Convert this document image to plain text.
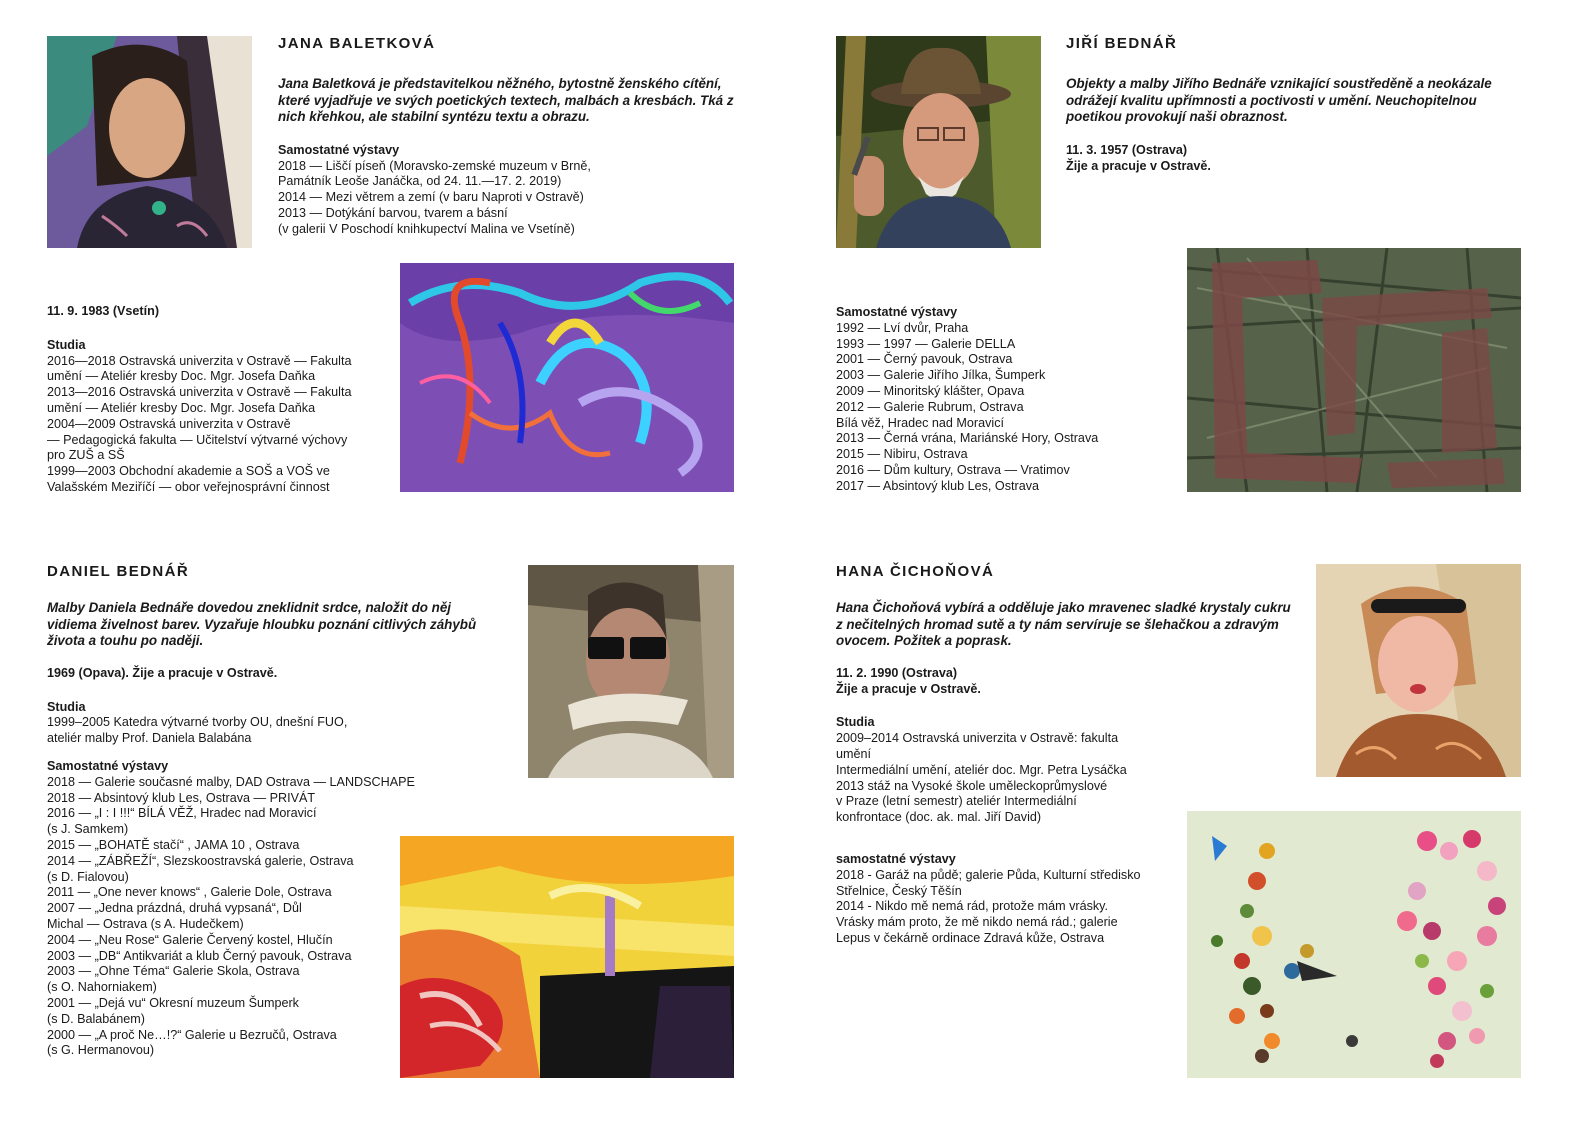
JANA BALETKOVÁ

Jana Baletková je představitelkou něžného, bytostně ženského cítění, které vyjadřuje ve svých poetických textech, malbách a kresbách. Tká z nich křehkou, ale stabilní syntézu textu a obrazu.

Samostatné výstavy

2018 — Liščí píseň (Moravsko-zemské muzeum v Brně,
Památník Leoše Janáčka, od 24. 11.—17. 2. 2019)
2014 — Mezi větrem a zemí (v baru Naproti v Ostravě)
2013 — Dotýkání barvou, tvarem a básní
(v galerii V Poschodí knihkupectví Malina ve Vsetíně)

11. 9. 1983 (Vsetín)

Studia

2016—2018 Ostravská univerzita v Ostravě — Fakulta
umění — Ateliér kresby Doc. Mgr. Josefa Daňka
2013—2016 Ostravská univerzita v Ostravě — Fakulta
umění — Ateliér kresby Doc. Mgr. Josefa Daňka
2004—2009 Ostravská univerzita v Ostravě
— Pedagogická fakulta — Učitelství výtvarné výchovy
pro ZUŠ a SŠ
1999—2003 Obchodní akademie a SOŠ a VOŠ ve
Valašském Meziříčí — obor veřejnosprávní činnost

JIŘÍ BEDNÁŘ

Objekty a malby Jiřího Bednáře vznikající soustředěně a neokázale odrážejí kvalitu upřímnosti a poctivosti v umění. Neuchopitelnou poetikou provokují naši obraznost.

11. 3. 1957 (Ostrava)
Žije a pracuje v Ostravě.

Samostatné výstavy

1992 — Lví dvůr, Praha
1993 — 1997 — Galerie DELLA
2001 — Černý pavouk, Ostrava
2003 — Galerie Jiřího Jílka, Šumperk
2009 — Minoritský klášter, Opava
2012 — Galerie Rubrum, Ostrava
Bílá věž, Hradec nad Moravicí
2013 — Černá vrána, Mariánské Hory, Ostrava
2015 — Nibiru, Ostrava
2016 — Dům kultury, Ostrava — Vratimov
2017 — Absintový klub Les, Ostrava

DANIEL BEDNÁŘ

Malby Daniela Bednáře dovedou zneklidnit srdce, naložit do něj vidiema živelnost barev. Vyzařuje hloubku poznání citlivých záhybů života a touhu po naději.

1969 (Opava). Žije a pracuje v Ostravě.

Studia

1999–2005 Katedra výtvarné tvorby OU, dnešní FUO,
ateliér malby Prof. Daniela Balabána

Samostatné výstavy

2018 — Galerie současné malby, DAD Ostrava — LANDSCHAPE
2018 — Absintový klub Les, Ostrava — PRIVÁT
2016 — „I : I !!!“ BÍLÁ VĚŽ, Hradec nad Moravicí
(s J. Samkem)
2015 — „BOHATĚ stačí“ , JAMA 10 , Ostrava
2014 — „ZÁBŘEŽÍ“, Slezskoostravská galerie, Ostrava
(s D. Fialovou)
2011 — „One never knows“ , Galerie Dole, Ostrava
2007 — „Jedna prázdná, druhá vypsaná“, Důl
Michal — Ostrava (s A. Hudečkem)
2004 — „Neu Rose“ Galerie Červený kostel, Hlučín
2003 — „DB“ Antikvariát a klub Černý pavouk, Ostrava
2003 — „Ohne Téma“ Galerie Skola, Ostrava
(s O. Nahorniakem)
2001 — „Dejá vu“ Okresní muzeum Šumperk
(s D. Balabánem)
2000 — „A proč Ne…!?“ Galerie u Bezručů, Ostrava
(s G. Hermanovou)

HANA ČICHOŇOVÁ

Hana Čichoňová vybírá a odděluje jako mravenec sladké krystaly cukru z nečitelných hromad sutě a ty nám servíruje se šlehačkou a zdravým ovocem. Požitek a poprask.

11. 2. 1990 (Ostrava)
Žije a pracuje v Ostravě.

Studia

2009–2014 Ostravská univerzita v Ostravě: fakulta
umění
Intermediální umění, ateliér doc. Mgr. Petra Lysáčka
2013 stáž na Vysoké škole uměleckoprůmyslové
v Praze (letní semestr) ateliér Intermediální
konfrontace (doc. ak. mal. Jiří David)

samostatné výstavy

2018 - Garáž na půdě; galerie Půda, Kulturní středisko
Střelnice, Český Těšín
2014 - Nikdo mě nemá rád, protože mám vrásky.
Vrásky mám proto, že mě nikdo nemá rád.; galerie
Lepus v čekárně ordinace Zdravá kůže, Ostrava
